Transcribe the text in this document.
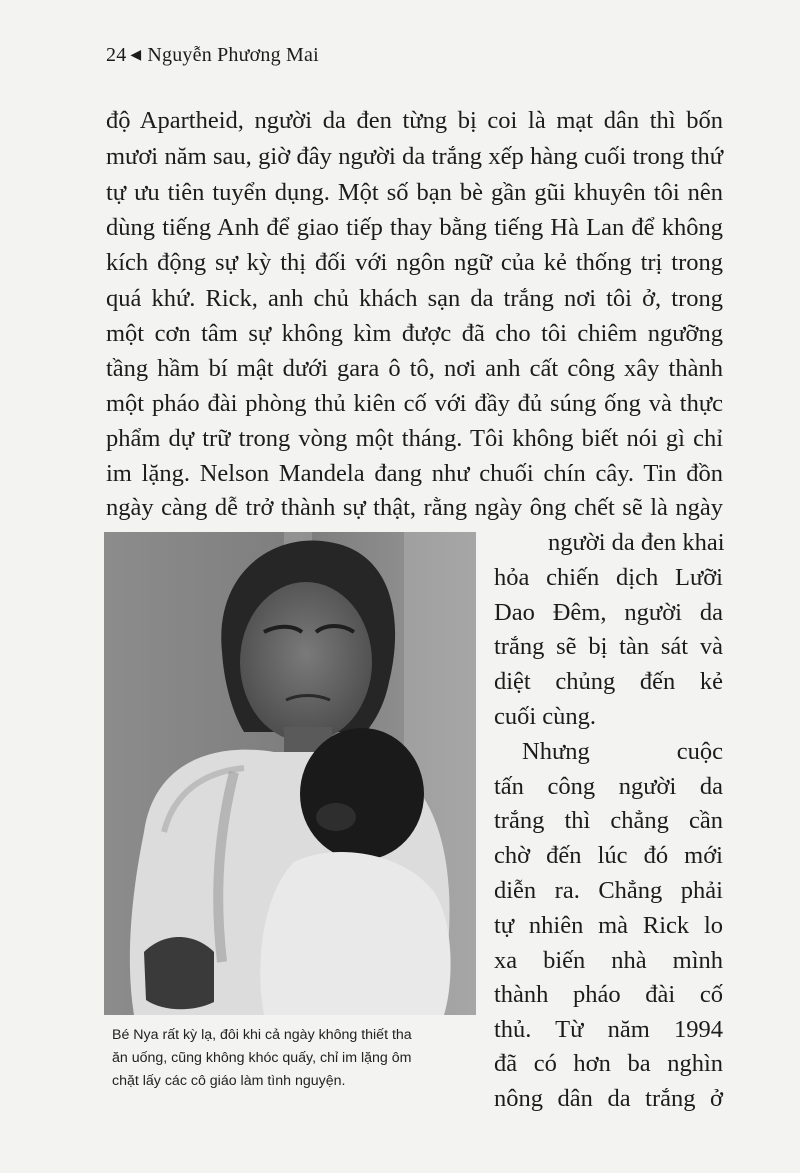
24 ◀ Nguyễn Phương Mai
độ Apartheid, người da đen từng bị coi là mạt dân thì bốn
mươi năm sau, giờ đây người da trắng xếp hàng cuối trong thứ
tự ưu tiên tuyển dụng. Một số bạn bè gần gũi khuyên tôi nên
dùng tiếng Anh để giao tiếp thay bằng tiếng Hà Lan để không
kích động sự kỳ thị đối với ngôn ngữ của kẻ thống trị trong
quá khứ. Rick, anh chủ khách sạn da trắng nơi tôi ở, trong
một cơn tâm sự không kìm được đã cho tôi chiêm ngưỡng
tầng hầm bí mật dưới gara ô tô, nơi anh cất công xây thành
một pháo đài phòng thủ kiên cố với đầy đủ súng ống và thực
phẩm dự trữ trong vòng một tháng. Tôi không biết nói gì chỉ
im lặng. Nelson Mandela đang như chuối chín cây. Tin đồn
ngày càng dễ trở thành sự thật, rằng ngày ông chết sẽ là ngày
người da đen khai
hỏa chiến dịch Lưỡi
Dao Đêm, người da
trắng sẽ bị tàn sát và
diệt chủng đến kẻ
cuối cùng.
Nhưng cuộc
tấn công người da
trắng thì chẳng cần
chờ đến lúc đó mới
diễn ra. Chẳng phải
tự nhiên mà Rick lo
xa biến nhà mình
thành pháo đài cố
thủ. Từ năm 1994
đã có hơn ba nghìn
nông dân da trắng ở
Bé Nya rất kỳ lạ, đôi khi cả ngày không thiết tha
ăn uống, cũng không khóc quấy, chỉ im lặng ôm
chặt lấy các cô giáo làm tình nguyện.
